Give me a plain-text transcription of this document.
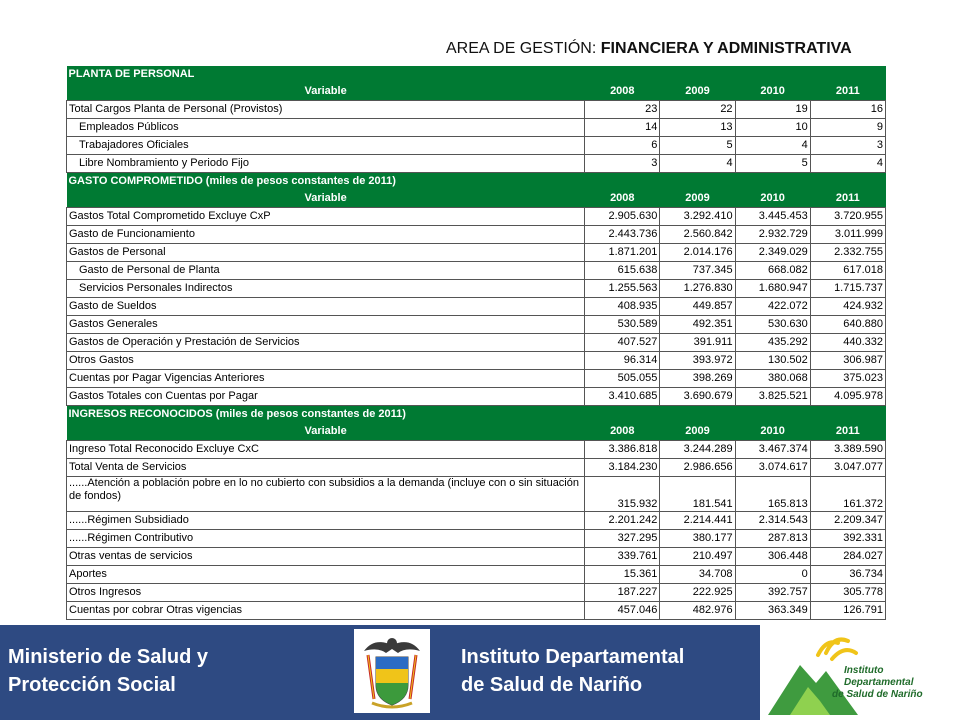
AREA DE GESTIÓN: FINANCIERA Y ADMINISTRATIVA
PLANTA DE PERSONAL				
Variable	2008	2009	2010	2011
Total Cargos Planta de Personal (Provistos)	23	22	19	16
Empleados Públicos	14	13	10	9
Trabajadores Oficiales	6	5	4	3
Libre Nombramiento y Periodo Fijo	3	4	5	4
GASTO COMPROMETIDO (miles de pesos constantes de 2011)				
Variable	2008	2009	2010	2011
Gastos Total Comprometido Excluye CxP	2.905.630	3.292.410	3.445.453	3.720.955
Gasto de Funcionamiento	2.443.736	2.560.842	2.932.729	3.011.999
Gastos de Personal	1.871.201	2.014.176	2.349.029	2.332.755
Gasto de Personal de Planta	615.638	737.345	668.082	617.018
Servicios Personales Indirectos	1.255.563	1.276.830	1.680.947	1.715.737
Gasto de Sueldos	408.935	449.857	422.072	424.932
Gastos Generales	530.589	492.351	530.630	640.880
Gastos de Operación y Prestación de Servicios	407.527	391.911	435.292	440.332
Otros Gastos	96.314	393.972	130.502	306.987
Cuentas por Pagar Vigencias Anteriores	505.055	398.269	380.068	375.023
Gastos Totales con Cuentas por Pagar	3.410.685	3.690.679	3.825.521	4.095.978
INGRESOS RECONOCIDOS (miles de pesos constantes de 2011)				
Variable	2008	2009	2010	2011
Ingreso Total Reconocido Excluye CxC	3.386.818	3.244.289	3.467.374	3.389.590
Total Venta de Servicios	3.184.230	2.986.656	3.074.617	3.047.077
......Atención a población pobre en lo no cubierto con subsidios a la demanda (incluye con o sin situación de fondos)	315.932	181.541	165.813	161.372
......Régimen Subsidiado	2.201.242	2.214.441	2.314.543	2.209.347
......Régimen Contributivo	327.295	380.177	287.813	392.331
Otras ventas de servicios	339.761	210.497	306.448	284.027
Aportes	15.361	34.708	0	36.734
Otros Ingresos	187.227	222.925	392.757	305.778
Cuentas por cobrar Otras vigencias	457.046	482.976	363.349	126.791
Ministerio de Salud y
Protección Social
Instituto Departamental
de Salud de Nariño
Instituto
Departamental
de Salud de Nariño
